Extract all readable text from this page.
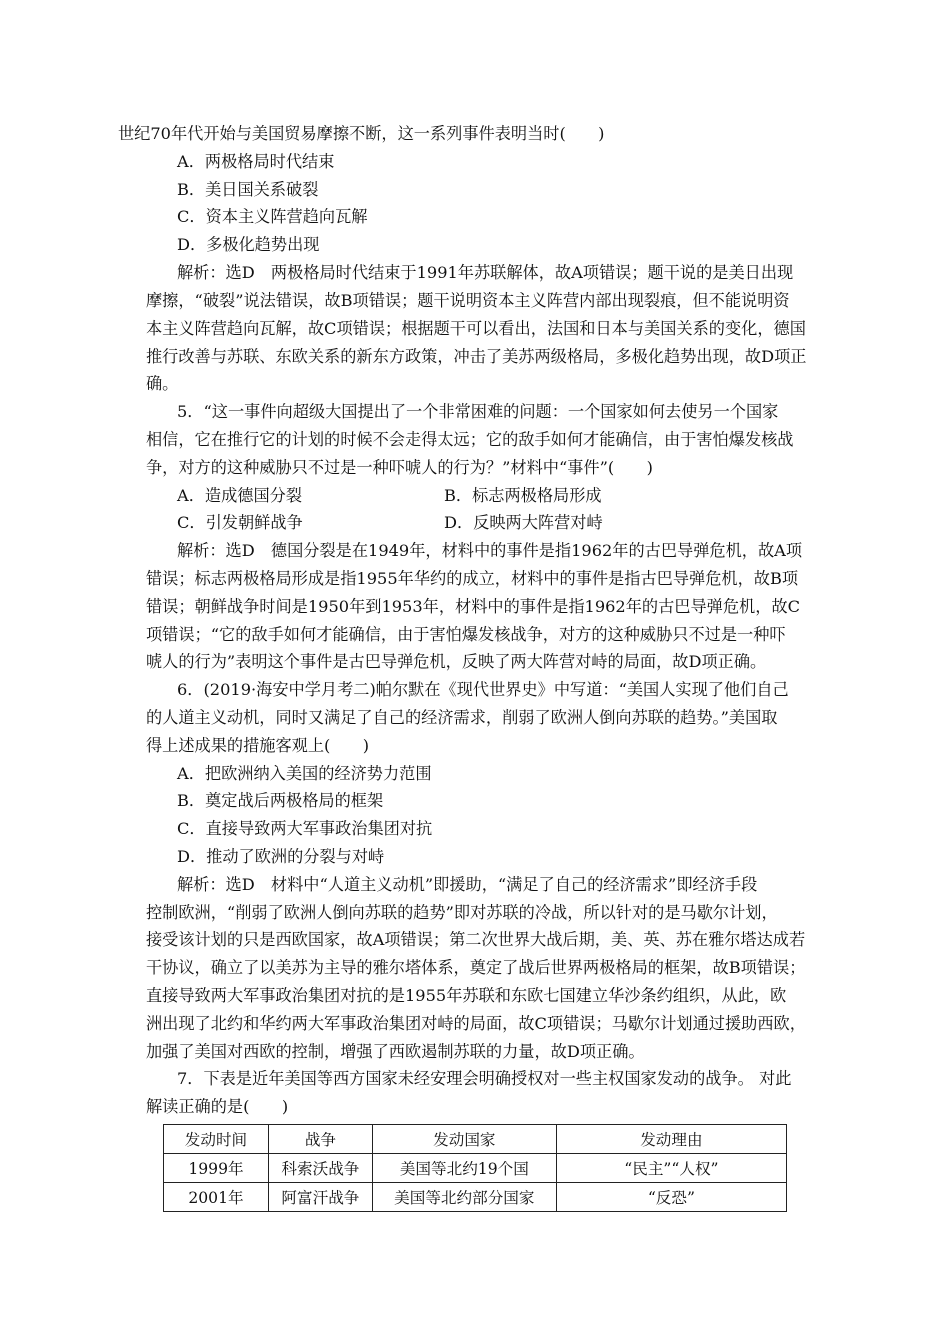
世纪70年代开始与美国贸易摩擦不断，这一系列事件表明当时(　　)
A．两极格局时代结束
B．美日国关系破裂
C．资本主义阵营趋向瓦解
D．多极化趋势出现
解析：选D　两极格局时代结束于1991年苏联解体，故A项错误；题干说的是美日出现
摩擦，“破裂”说法错误，故B项错误；题干说明资本主义阵营内部出现裂痕，但不能说明资
本主义阵营趋向瓦解，故C项错误；根据题干可以看出，法国和日本与美国关系的变化，德国
推行改善与苏联、东欧关系的新东方政策，冲击了美苏两级格局，多极化趋势出现，故D项正
确。
5．“这一事件向超级大国提出了一个非常困难的问题：一个国家如何去使另一个国家
相信，它在推行它的计划的时候不会走得太远；它的敌手如何才能确信，由于害怕爆发核战
争，对方的这种威胁只不过是一种吓唬人的行为？”材料中“事件”(　　)
A．造成德国分裂	B．标志两极格局形成
C．引发朝鲜战争	D．反映两大阵营对峙
解析：选D　德国分裂是在1949年，材料中的事件是指1962年的古巴导弹危机，故A项
错误；标志两极格局形成是指1955年华约的成立，材料中的事件是指古巴导弹危机，故B项
错误；朝鲜战争时间是1950年到1953年，材料中的事件是指1962年的古巴导弹危机，故C
项错误；“它的敌手如何才能确信，由于害怕爆发核战争，对方的这种威胁只不过是一种吓
唬人的行为”表明这个事件是古巴导弹危机，反映了两大阵营对峙的局面，故D项正确。
6．(2019·海安中学月考二)帕尔默在《现代世界史》中写道：“美国人实现了他们自己
的人道主义动机，同时又满足了自己的经济需求，削弱了欧洲人倒向苏联的趋势。”美国取
得上述成果的措施客观上(　　)
A．把欧洲纳入美国的经济势力范围
B．奠定战后两极格局的框架
C．直接导致两大军事政治集团对抗
D．推动了欧洲的分裂与对峙
解析：选D　材料中“人道主义动机”即援助，“满足了自己的经济需求”即经济手段
控制欧洲，“削弱了欧洲人倒向苏联的趋势”即对苏联的冷战，所以针对的是马歇尔计划，
接受该计划的只是西欧国家，故A项错误；第二次世界大战后期，美、英、苏在雅尔塔达成若
干协议，确立了以美苏为主导的雅尔塔体系，奠定了战后世界两极格局的框架，故B项错误；
直接导致两大军事政治集团对抗的是1955年苏联和东欧七国建立华沙条约组织，从此，欧
洲出现了北约和华约两大军事政治集团对峙的局面，故C项错误；马歇尔计划通过援助西欧，
加强了美国对西欧的控制，增强了西欧遏制苏联的力量，故D项正确。
7．下表是近年美国等西方国家未经安理会明确授权对一些主权国家发动的战争。 对此
解读正确的是(　　)
发动时间	战争	发动国家	发动理由
1999年	科索沃战争	美国等北约19个国	“民主”“人权”
2001年	阿富汗战争	美国等北约部分国家	“反恐”
